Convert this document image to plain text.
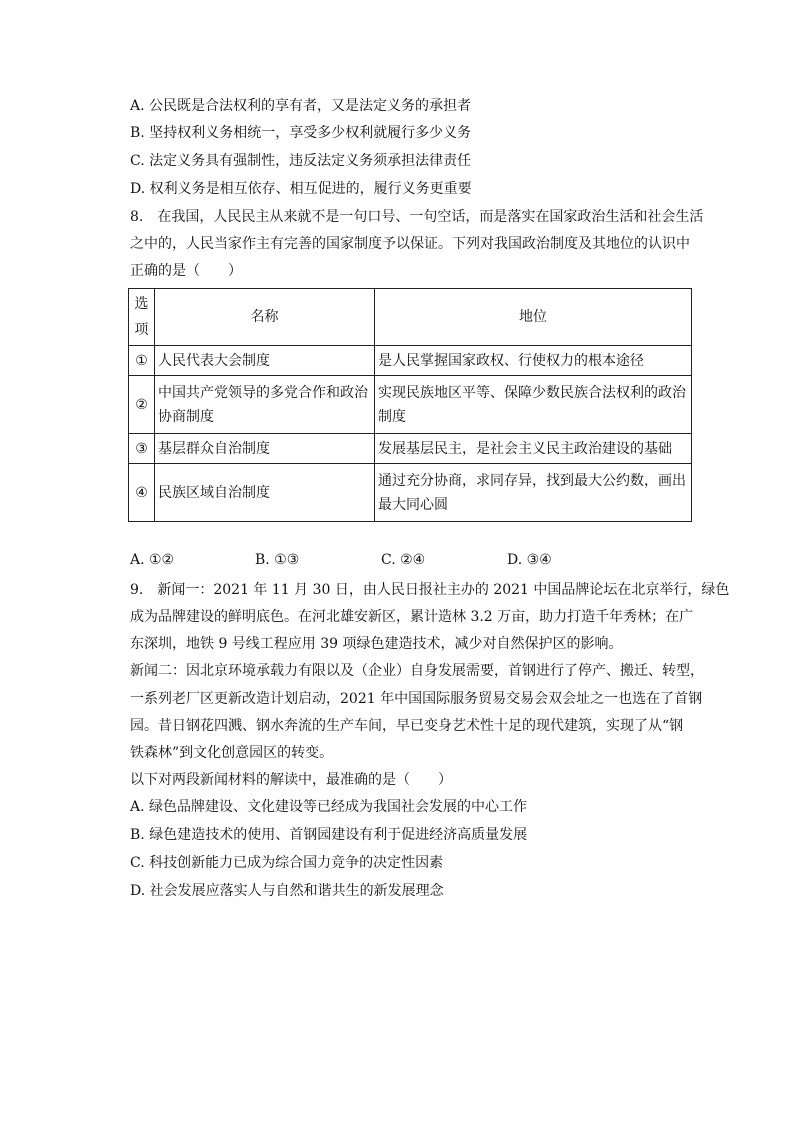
A. 公民既是合法权利的享有者，又是法定义务的承担者
B. 坚持权利义务相统一，享受多少权利就履行多少义务
C. 法定义务具有强制性，违反法定义务须承担法律责任
D. 权利义务是相互依存、相互促进的，履行义务更重要
8.　在我国，人民民主从来就不是一句口号、一句空话，而是落实在国家政治生活和社会生活
之中的，人民当家作主有完善的国家制度予以保证。下列对我国政治制度及其地位的认识中
正确的是（　　）
选项	名称	地位
①	人民代表大会制度	是人民掌握国家政权、行使权力的根本途径
②	中国共产党领导的多党合作和政治协商制度	实现民族地区平等、保障少数民族合法权利的政治制度
③	基层群众自治制度	发展基层民主，是社会主义民主政治建设的基础
④	民族区域自治制度	通过充分协商，求同存异，找到最大公约数，画出最大同心圆
A. ①②	B. ①③	C. ②④	D. ③④
9.　新闻一：2021 年 11 月 30 日，由人民日报社主办的 2021 中国品牌论坛在北京举行，绿色
成为品牌建设的鲜明底色。在河北雄安新区，累计造林 3.2 万亩，助力打造千年秀林；在广
东深圳，地铁 9 号线工程应用 39 项绿色建造技术，减少对自然保护区的影响。
新闻二：因北京环境承载力有限以及（企业）自身发展需要，首钢进行了停产、搬迁、转型，
一系列老厂区更新改造计划启动，2021 年中国国际服务贸易交易会双会址之一也选在了首钢
园。昔日钢花四溅、钢水奔流的生产车间，早已变身艺术性十足的现代建筑，实现了从“钢
铁森林”到文化创意园区的转变。
以下对两段新闻材料的解读中，最准确的是（　　）
A. 绿色品牌建设、文化建设等已经成为我国社会发展的中心工作
B. 绿色建造技术的使用、首钢园建设有利于促进经济高质量发展
C. 科技创新能力已成为综合国力竞争的决定性因素
D. 社会发展应落实人与自然和谐共生的新发展理念
